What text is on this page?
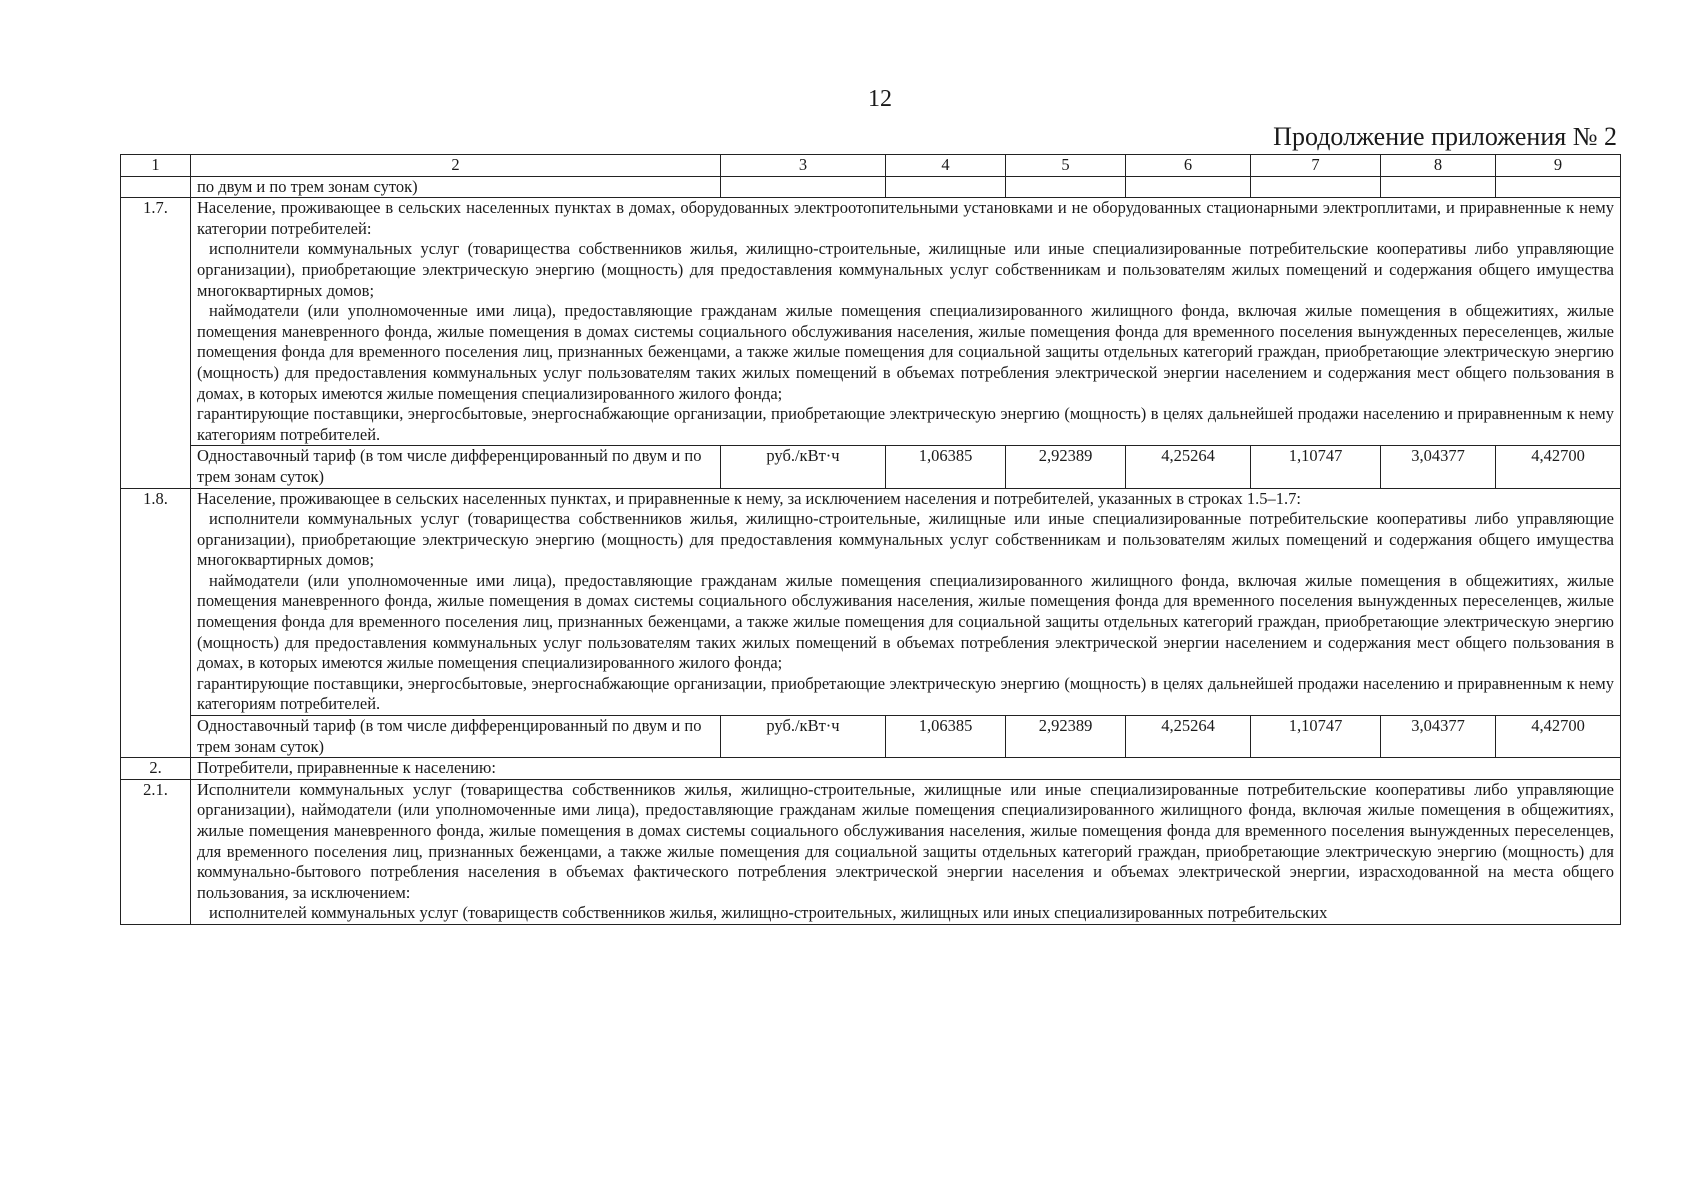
12
Продолжение приложения № 2
1	2	3	4	5	6	7	8	9
	по двум и по трем зонам суток)							
1.7.	Население, проживающее в сельских населенных пунктах в домах, оборудованных электроотопительными установками и не оборудованных стационарными электроплитами, и приравненные к нему категории потребителей:
исполнители коммунальных услуг (товарищества собственников жилья, жилищно-строительные, жилищные или иные специализированные потребительские кооперативы либо управляющие организации), приобретающие электрическую энергию (мощность) для предоставления коммунальных услуг собственникам и пользователям жилых помещений и содержания общего имущества многоквартирных домов;
наймодатели (или уполномоченные ими лица), предоставляющие гражданам жилые помещения специализированного жилищного фонда, включая жилые помещения в общежитиях, жилые помещения маневренного фонда, жилые помещения в домах системы социального обслуживания населения, жилые помещения фонда для временного поселения вынужденных переселенцев, жилые помещения фонда для временного поселения лиц, признанных беженцами, а также жилые помещения для социальной защиты отдельных категорий граждан, приобретающие электрическую энергию (мощность) для предоставления коммунальных услуг пользователям таких жилых помещений в объемах потребления электрической энергии населением и содержания мест общего пользования в домах, в которых имеются жилые помещения специализированного жилого фонда;
гарантирующие поставщики, энергосбытовые, энергоснабжающие организации, приобретающие электрическую энергию (мощность) в целях дальнейшей продажи населению и приравненным к нему категориям потребителей.							

	Одноставочный тариф (в том числе дифференцированный по двум и по трем зонам суток)	руб./кВт·ч	1,06385	2,92389	4,25264	1,10747	3,04377	4,42700
1.8.	Население, проживающее в сельских населенных пунктах, и приравненные к нему, за исключением населения и потребителей, указанных в строках 1.5–1.7:
исполнители коммунальных услуг (товарищества собственников жилья, жилищно-строительные, жилищные или иные специализированные потребительские кооперативы либо управляющие организации), приобретающие электрическую энергию (мощность) для предоставления коммунальных услуг собственникам и пользователям жилых помещений и содержания общего имущества многоквартирных домов;
наймодатели (или уполномоченные ими лица), предоставляющие гражданам жилые помещения специализированного жилищного фонда, включая жилые помещения в общежитиях, жилые помещения маневренного фонда, жилые помещения в домах системы социального обслуживания населения, жилые помещения фонда для временного поселения вынужденных переселенцев, жилые помещения фонда для временного поселения лиц, признанных беженцами, а также жилые помещения для социальной защиты отдельных категорий граждан, приобретающие электрическую энергию (мощность) для предоставления коммунальных услуг пользователям таких жилых помещений в объемах потребления электрической энергии населением и содержания мест общего пользования в домах, в которых имеются жилые помещения специализированного жилого фонда;
гарантирующие поставщики, энергосбытовые, энергоснабжающие организации, приобретающие электрическую энергию (мощность) в целях дальнейшей продажи населению и приравненным к нему категориям потребителей.							

	Одноставочный тариф (в том числе дифференцированный по двум и по трем зонам суток)	руб./кВт·ч	1,06385	2,92389	4,25264	1,10747	3,04377	4,42700
2.	Потребители, приравненные к населению:							
2.1.	Исполнители коммунальных услуг (товарищества собственников жилья, жилищно-строительные, жилищные или иные специализированные потребительские кооперативы либо управляющие организации), наймодатели (или уполномоченные ими лица), предоставляющие гражданам жилые помещения специализированного жилищного фонда, включая жилые помещения в общежитиях, жилые помещения маневренного фонда, жилые помещения в домах системы социального обслуживания населения, жилые помещения фонда для временного поселения вынужденных переселенцев, для временного поселения лиц, признанных беженцами, а также жилые помещения для социальной защиты отдельных категорий граждан, приобретающие электрическую энергию (мощность) для коммунально-бытового потребления населения в объемах фактического потребления электрической энергии населения и объемах электрической энергии, израсходованной на места общего пользования, за исключением:
исполнителей коммунальных услуг (товариществ собственников жилья, жилищно-строительных, жилищных или иных специализированных потребительских							
